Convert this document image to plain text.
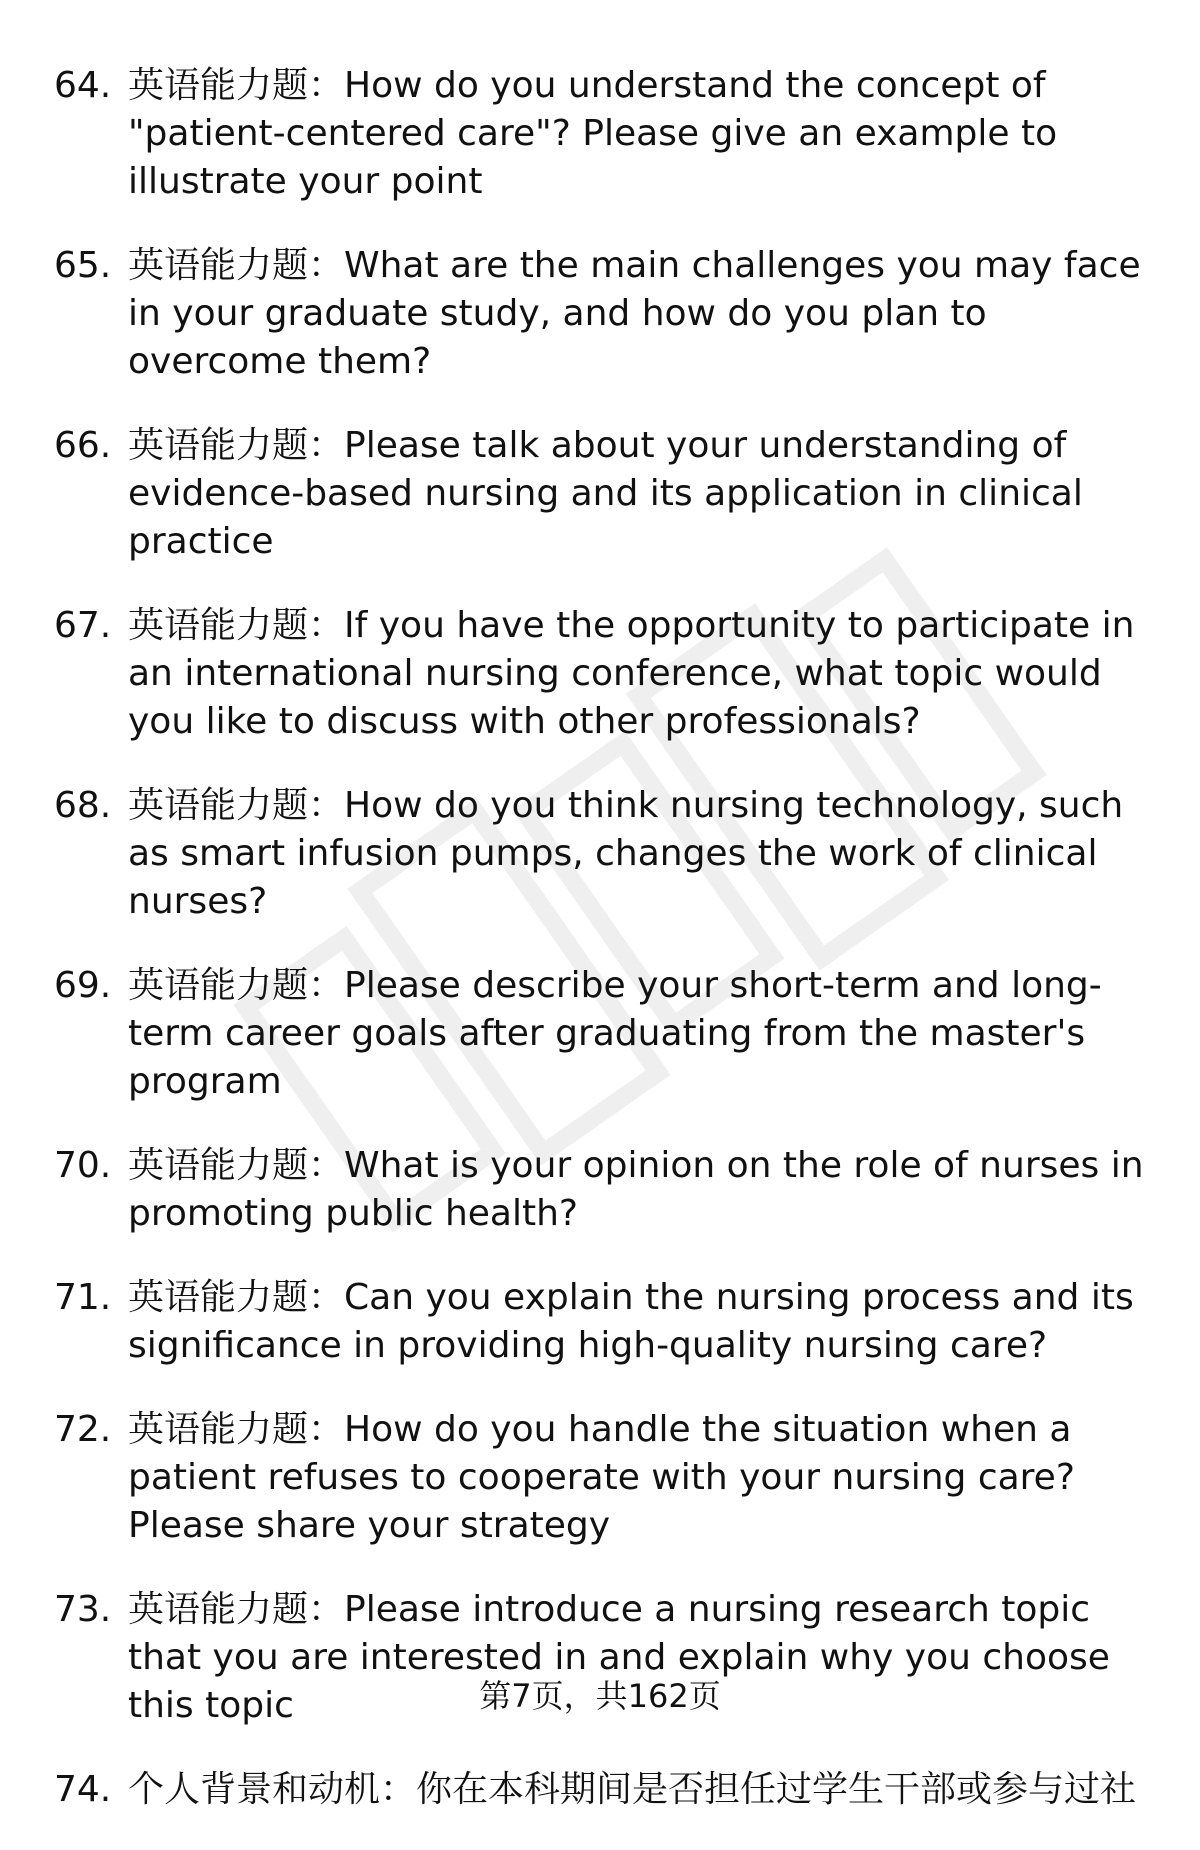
64. 英语能力题：How do you understand the concept of "patient-centered care"? Please give an example to illustrate your point
65. 英语能力题：What are the main challenges you may face in your graduate study, and how do you plan to overcome them?
66. 英语能力题：Please talk about your understanding of evidence-based nursing and its application in clinical practice
67. 英语能力题：If you have the opportunity to participate in an international nursing conference, what topic would you like to discuss with other professionals?
68. 英语能力题：How do you think nursing technology, such as smart infusion pumps, changes the work of clinical nurses?
69. 英语能力题：Please describe your short-term and long-term career goals after graduating from the master's program
70. 英语能力题：What is your opinion on the role of nurses in promoting public health?
71. 英语能力题：Can you explain the nursing process and its significance in providing high-quality nursing care?
72. 英语能力题：How do you handle the situation when a patient refuses to cooperate with your nursing care? Please share your strategy
73. 英语能力题：Please introduce a nursing research topic that you are interested in and explain why you choose this topic
74. 个人背景和动机：你在本科期间是否担任过学生干部或参与过社
第7页，共162页
